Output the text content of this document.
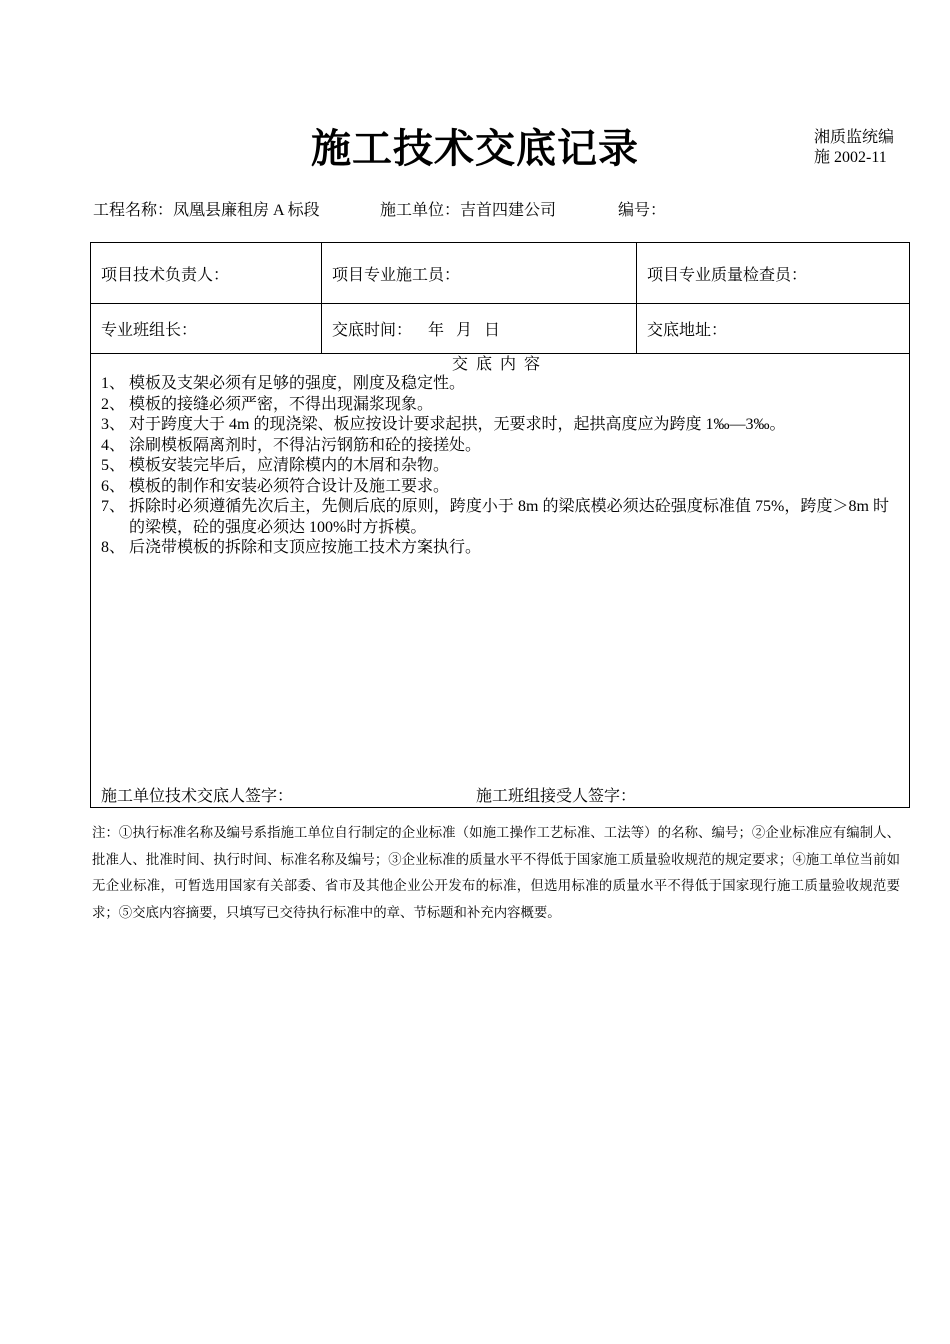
施工技术交底记录	湘质监统编
施 2002-11
工程名称：凤凰县廉租房 A 标段	施工单位：吉首四建公司	编号：
项目技术负责人：	项目专业施工员：	项目专业质量检查员：
专业班组长：	交底时间：    年   月   日	交底地址：
交底内容
1、 模板及支架必须有足够的强度，刚度及稳定性。
2、 模板的接缝必须严密，不得出现漏浆现象。
3、 对于跨度大于 4m 的现浇梁、板应按设计要求起拱，无要求时，起拱高度应为跨度 1‰—3‰。
4、 涂刷模板隔离剂时，不得沾污钢筋和砼的接搓处。
5、 模板安装完毕后，应清除模内的木屑和杂物。
6、 模板的制作和安装必须符合设计及施工要求。
7、 拆除时必须遵循先次后主，先侧后底的原则，跨度小于 8m 的梁底模必须达砼强度标准值 75%，跨度＞8m 时的梁模，砼的强度必须达 100%时方拆模。
8、 后浇带模板的拆除和支顶应按施工技术方案执行。
施工单位技术交底人签字：	施工班组接受人签字：
注：①执行标准名称及编号系指施工单位自行制定的企业标准（如施工操作工艺标准、工法等）的名称、编号；②企业标准应有编制人、批准人、批准时间、执行时间、标准名称及编号；③企业标准的质量水平不得低于国家施工质量验收规范的规定要求；④施工单位当前如无企业标准，可暂选用国家有关部委、省市及其他企业公开发布的标准，但选用标准的质量水平不得低于国家现行施工质量验收规范要求；⑤交底内容摘要，只填写已交待执行标准中的章、节标题和补充内容概要。
